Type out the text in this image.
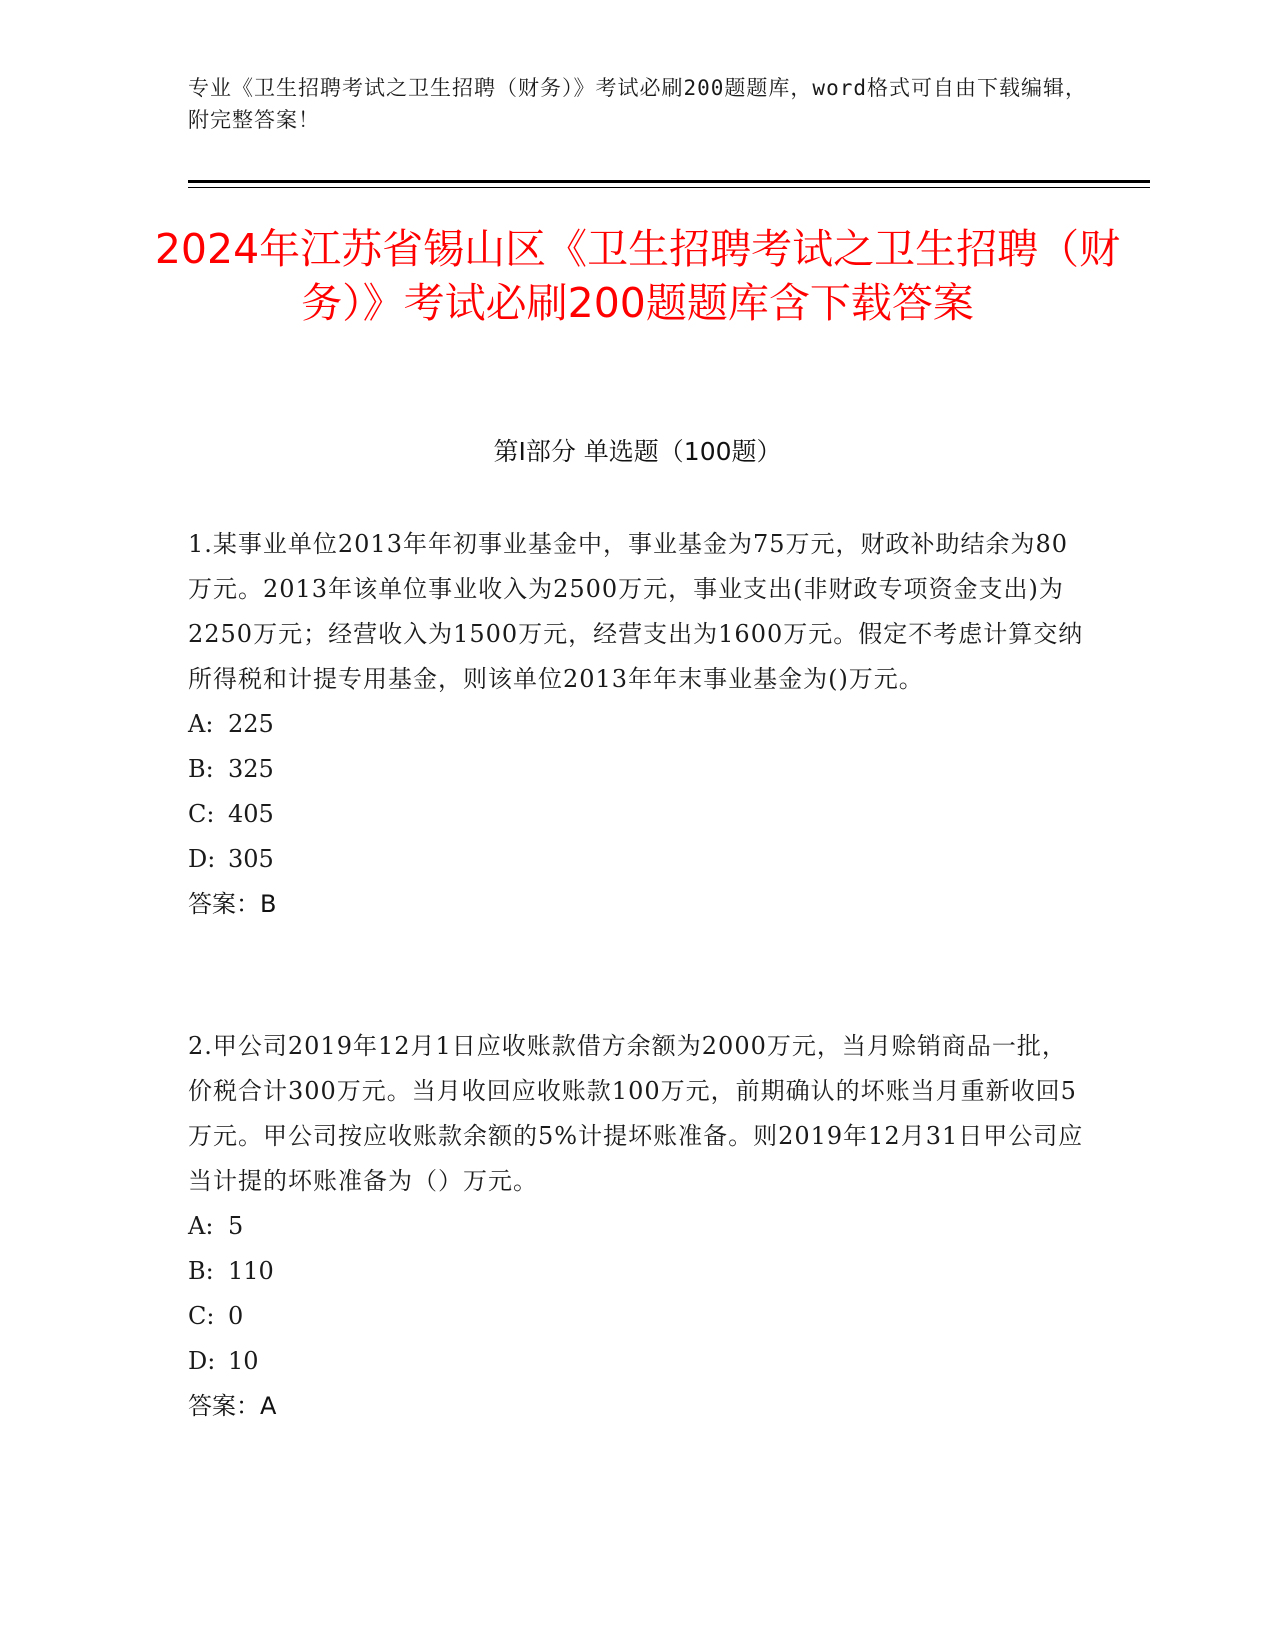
专业《卫生招聘考试之卫生招聘（财务）》考试必刷200题题库，word格式可自由下载编辑，附完整答案！
2024年江苏省锡山区《卫生招聘考试之卫生招聘（财务）》考试必刷200题题库含下载答案
第Ⅰ部分 单选题（100题）
1.某事业单位2013年年初事业基金中，事业基金为75万元，财政补助结余为80万元。2013年该单位事业收入为2500万元，事业支出(非财政专项资金支出)为2250万元；经营收入为1500万元，经营支出为1600万元。假定不考虑计算交纳所得税和计提专用基金，则该单位2013年年末事业基金为()万元。
A: 225
B: 325
C: 405
D: 305
答案：B
2.甲公司2019年12月1日应收账款借方余额为2000万元，当月赊销商品一批，价税合计300万元。当月收回应收账款100万元，前期确认的坏账当月重新收回5万元。甲公司按应收账款余额的5%计提坏账准备。则2019年12月31日甲公司应当计提的坏账准备为（）万元。
A: 5
B: 110
C: 0
D: 10
答案：A
